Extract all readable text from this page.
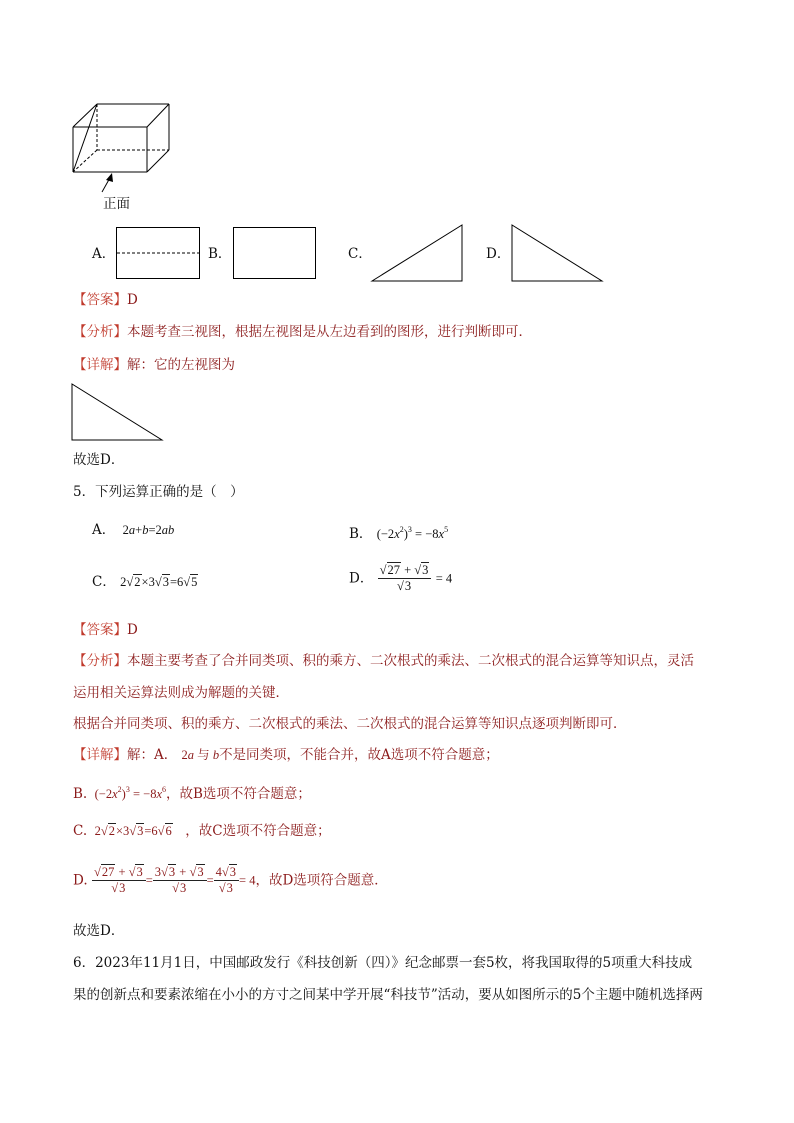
正面
A．	B．	C．	D．
【答案】D
【分析】本题考查三视图，根据左视图是从左边看到的图形，进行判断即可．
【详解】解：它的左视图为
故选D．
5．下列运算正确的是（　）
A．  2a+b=2ab	B． $(-2x^2)^3 = -8x^5$
C． 2√2×3√3=6√5	D． $\frac{√27 + √3}{√3} = 4$
【答案】D
【分析】本题主要考查了合并同类项、积的乘方、二次根式的乘法、二次根式的混合运算等知识点，灵活
运用相关运算法则成为解题的关键．
根据合并同类项、积的乘方、二次根式的乘法、二次根式的混合运算等知识点逐项判断即可．
【详解】解：A． 2a 与 b不是同类项，不能合并，故A选项不符合题意；
B.  $(-2x^2)^3 = -8x^6$，故B选项不符合题意；
C.  2√2×3√3=6√6 ，故C选项不符合题意；
D. $\frac{√27 + √3}{√3} = \frac{3√3 + √3}{√3} = \frac{4√3}{√3} = 4$，故D选项符合题意．
故选D．
6．2023年11月1日，中国邮政发行《科技创新（四）》纪念邮票一套5枚，将我国取得的5项重大科技成
果的创新点和要素浓缩在小小的方寸之间某中学开展“科技节”活动，要从如图所示的5个主题中随机选择两
